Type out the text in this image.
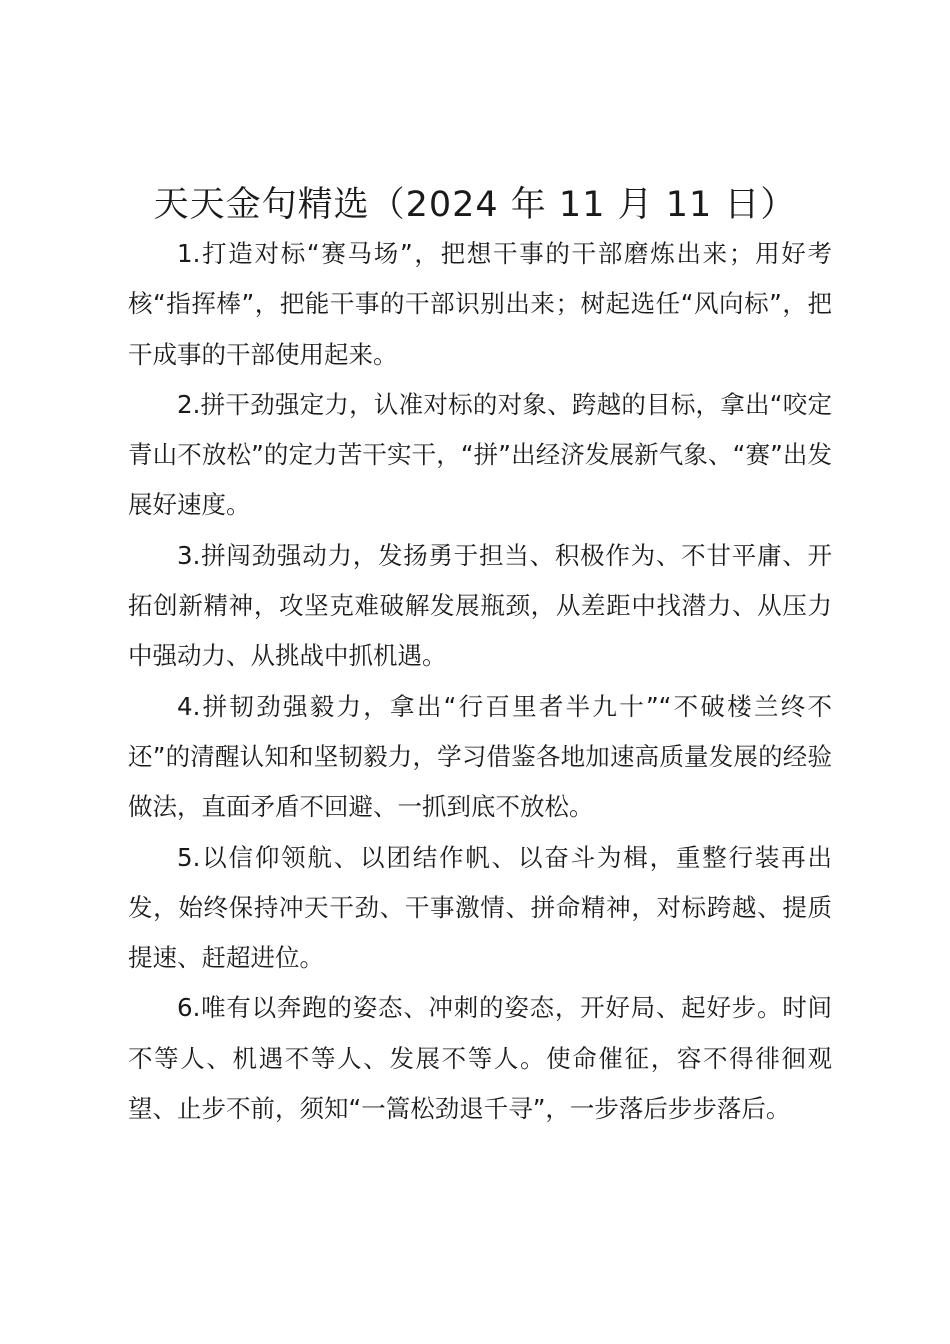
天天金句精选（2024 年 11 月 11 日）

1.打造对标“赛马场”，把想干事的干部磨炼出来；用好考核“指挥棒”，把能干事的干部识别出来；树起选任“风向标”，把干成事的干部使用起来。

2.拼干劲强定力，认准对标的对象、跨越的目标，拿出“咬定青山不放松”的定力苦干实干，“拼”出经济发展新气象、“赛”出发展好速度。

3.拼闯劲强动力，发扬勇于担当、积极作为、不甘平庸、开拓创新精神，攻坚克难破解发展瓶颈，从差距中找潜力、从压力中强动力、从挑战中抓机遇。

4.拼韧劲强毅力，拿出“行百里者半九十”“不破楼兰终不还”的清醒认知和坚韧毅力，学习借鉴各地加速高质量发展的经验做法，直面矛盾不回避、一抓到底不放松。

5.以信仰领航、以团结作帆、以奋斗为楫，重整行装再出发，始终保持冲天干劲、干事激情、拼命精神，对标跨越、提质提速、赶超进位。

6.唯有以奔跑的姿态、冲刺的姿态，开好局、起好步。时间不等人、机遇不等人、发展不等人。使命催征，容不得徘徊观望、止步不前，须知“一篙松劲退千寻”，一步落后步步落后。
